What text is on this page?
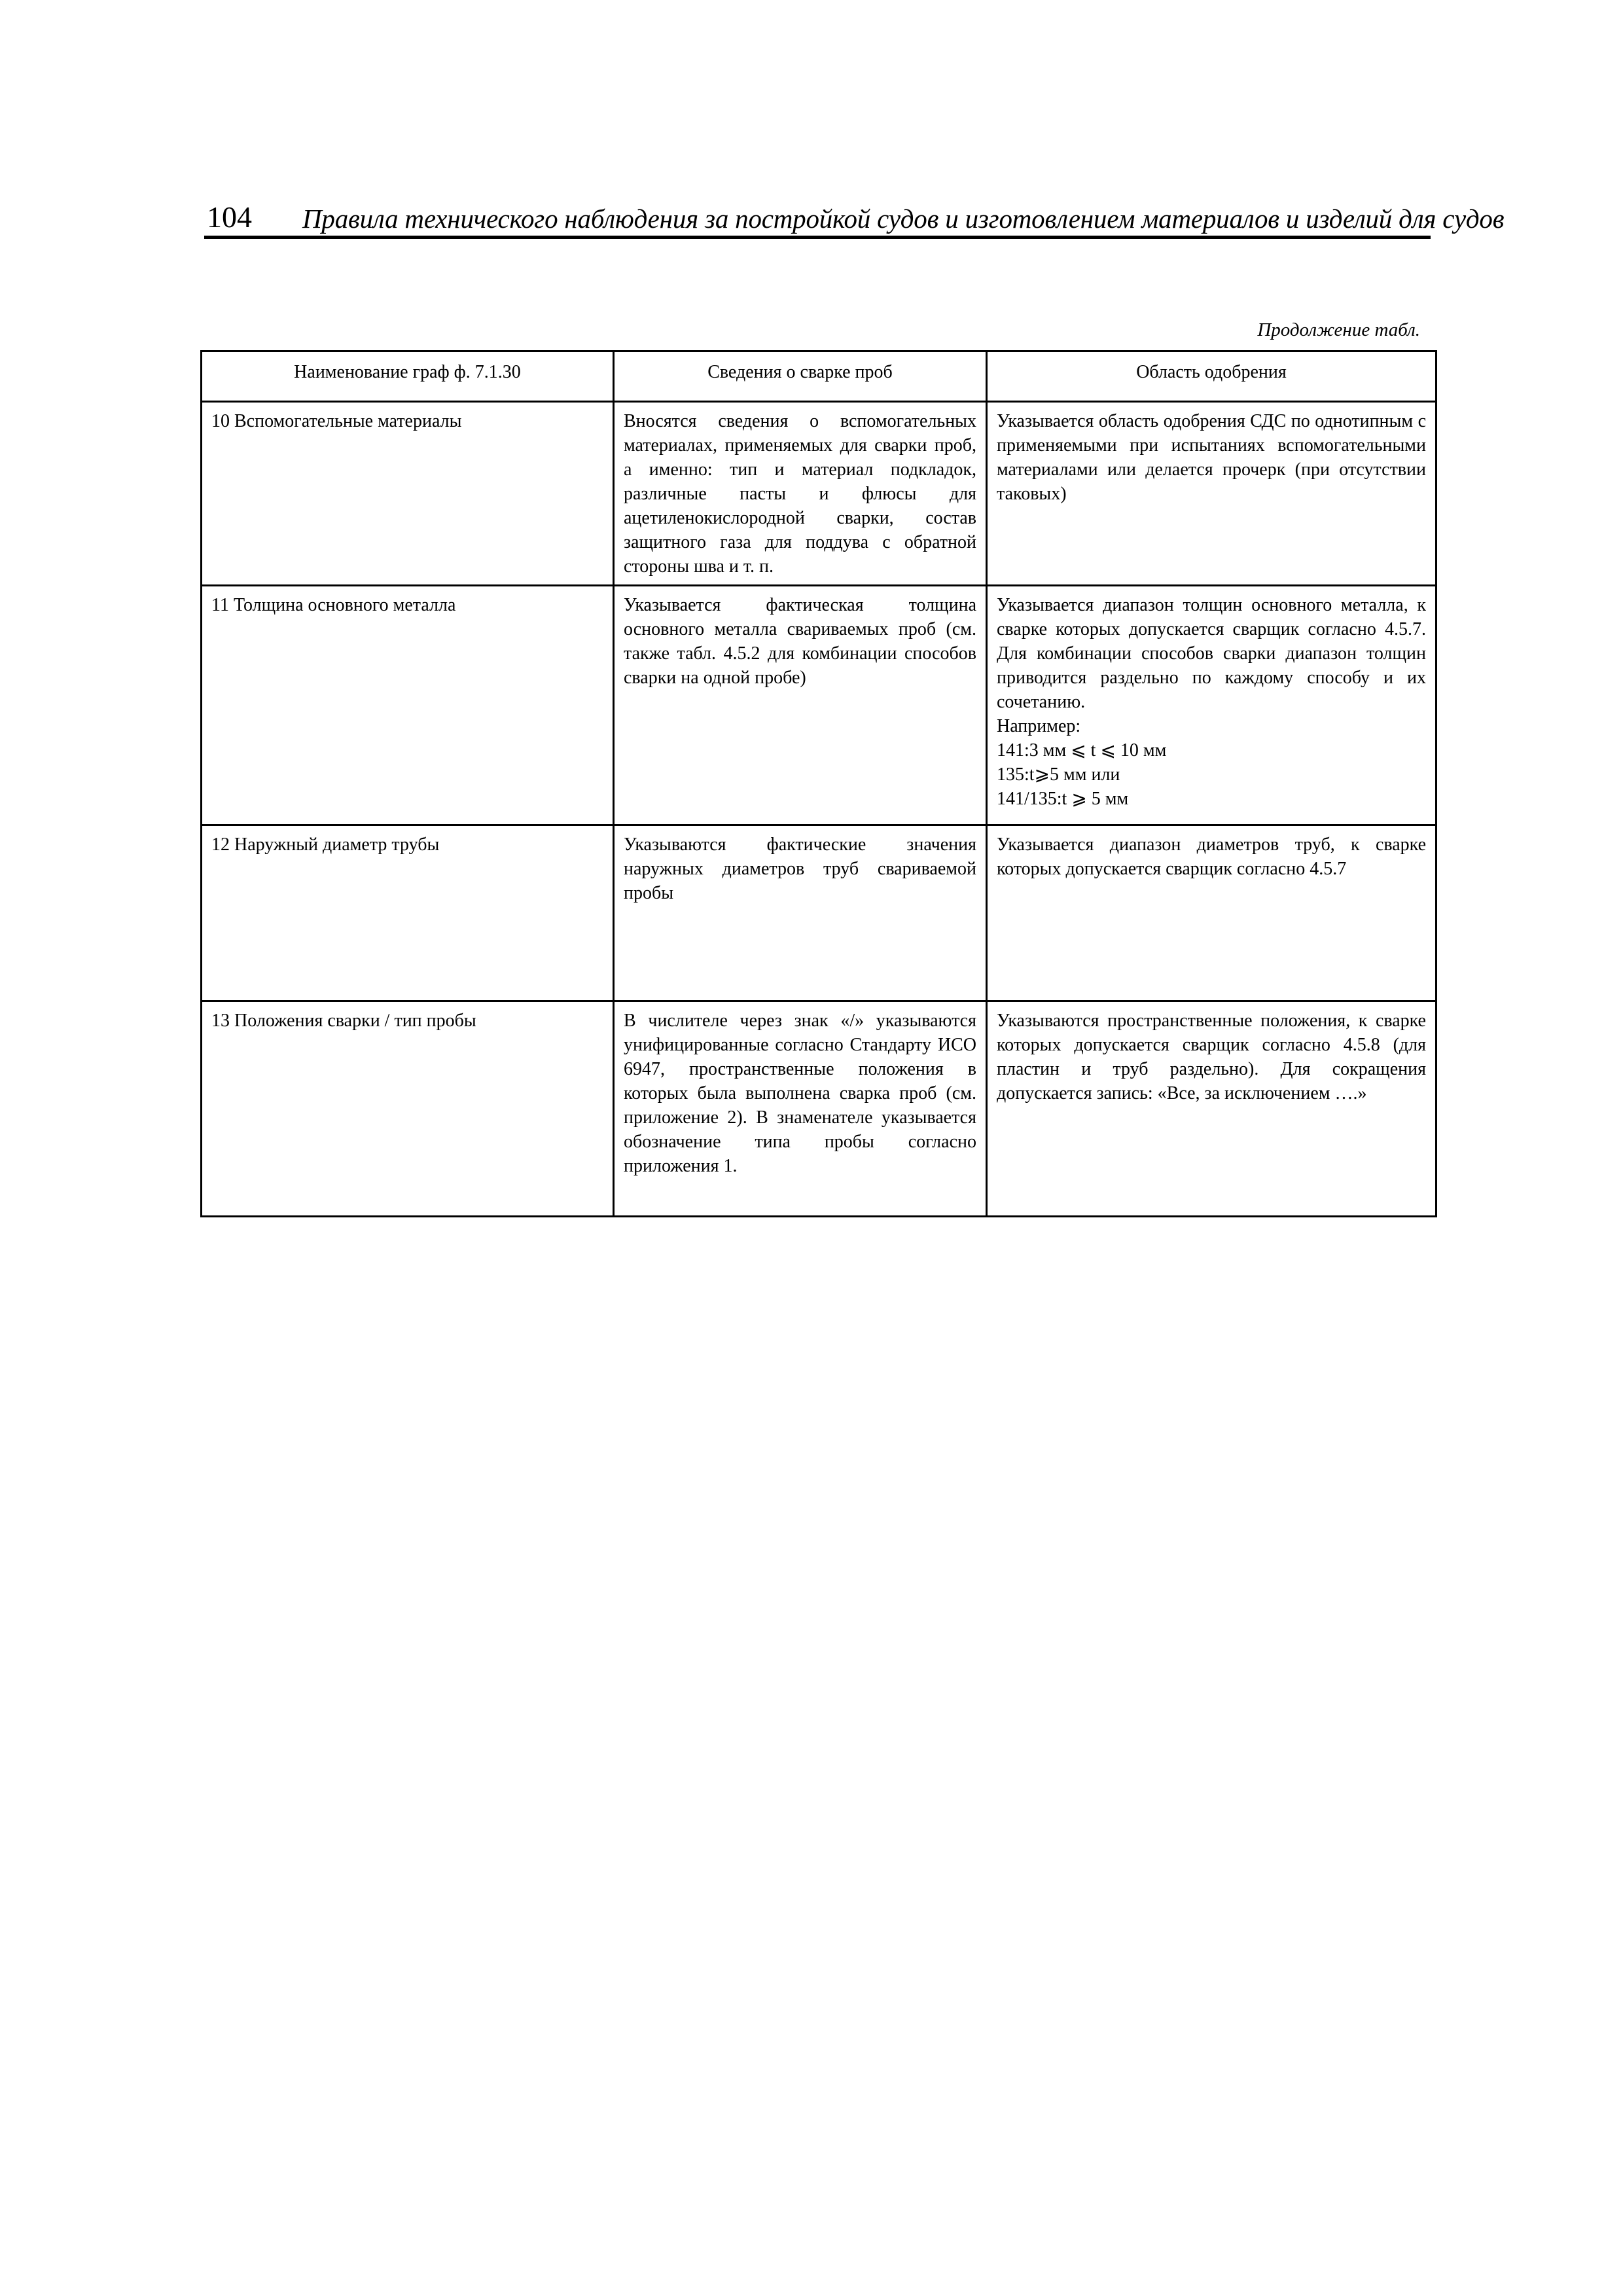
104 Правила технического наблюдения за постройкой судов и изготовлением материалов и изделий для судов
Продолжение табл.
Наименование граф ф. 7.1.30	Сведения о сварке проб	Область одобрения
10 Вспомогательные материалы	Вносятся сведения о вспомогательных материалах, применяемых для сварки проб, а именно: тип и материал подкладок, различные пасты и флюсы для ацетиленокислородной сварки, состав защитного газа для поддува с обратной стороны шва и т. п.	Указывается область одобрения СДС по однотипным с применяемыми при испытаниях вспомогательными материалами или делается прочерк (при отсутствии таковых)
11 Толщина основного металла	Указывается фактическая толщина основного металла свариваемых проб (см. также табл. 4.5.2 для комбинации способов сварки на одной пробе)	Указывается диапазон толщин основного металла, к сварке которых допускается сварщик согласно 4.5.7. Для комбинации способов сварки диапазон толщин приводится раздельно по каждому способу и их сочетанию.
Например:
141:3 мм ⩽ t ⩽ 10 мм
135:t⩾5 мм или
141/135:t ⩾ 5 мм

12 Наружный диаметр трубы	Указываются фактические значения наружных диаметров труб свариваемой пробы	Указывается диапазон диаметров труб, к сварке которых допускается сварщик согласно 4.5.7
13 Положения сварки / тип пробы	В числителе через знак «/» указываются унифицированные согласно Стандарту ИСО 6947, пространственные положения в которых была выполнена сварка проб (см. приложение 2). В знаменателе указывается обозначение типа пробы согласно приложения 1.	Указываются пространственные положения, к сварке которых допускается сварщик согласно 4.5.8 (для пластин и труб раздельно). Для сокращения допускается запись: «Все, за исключением ….»
